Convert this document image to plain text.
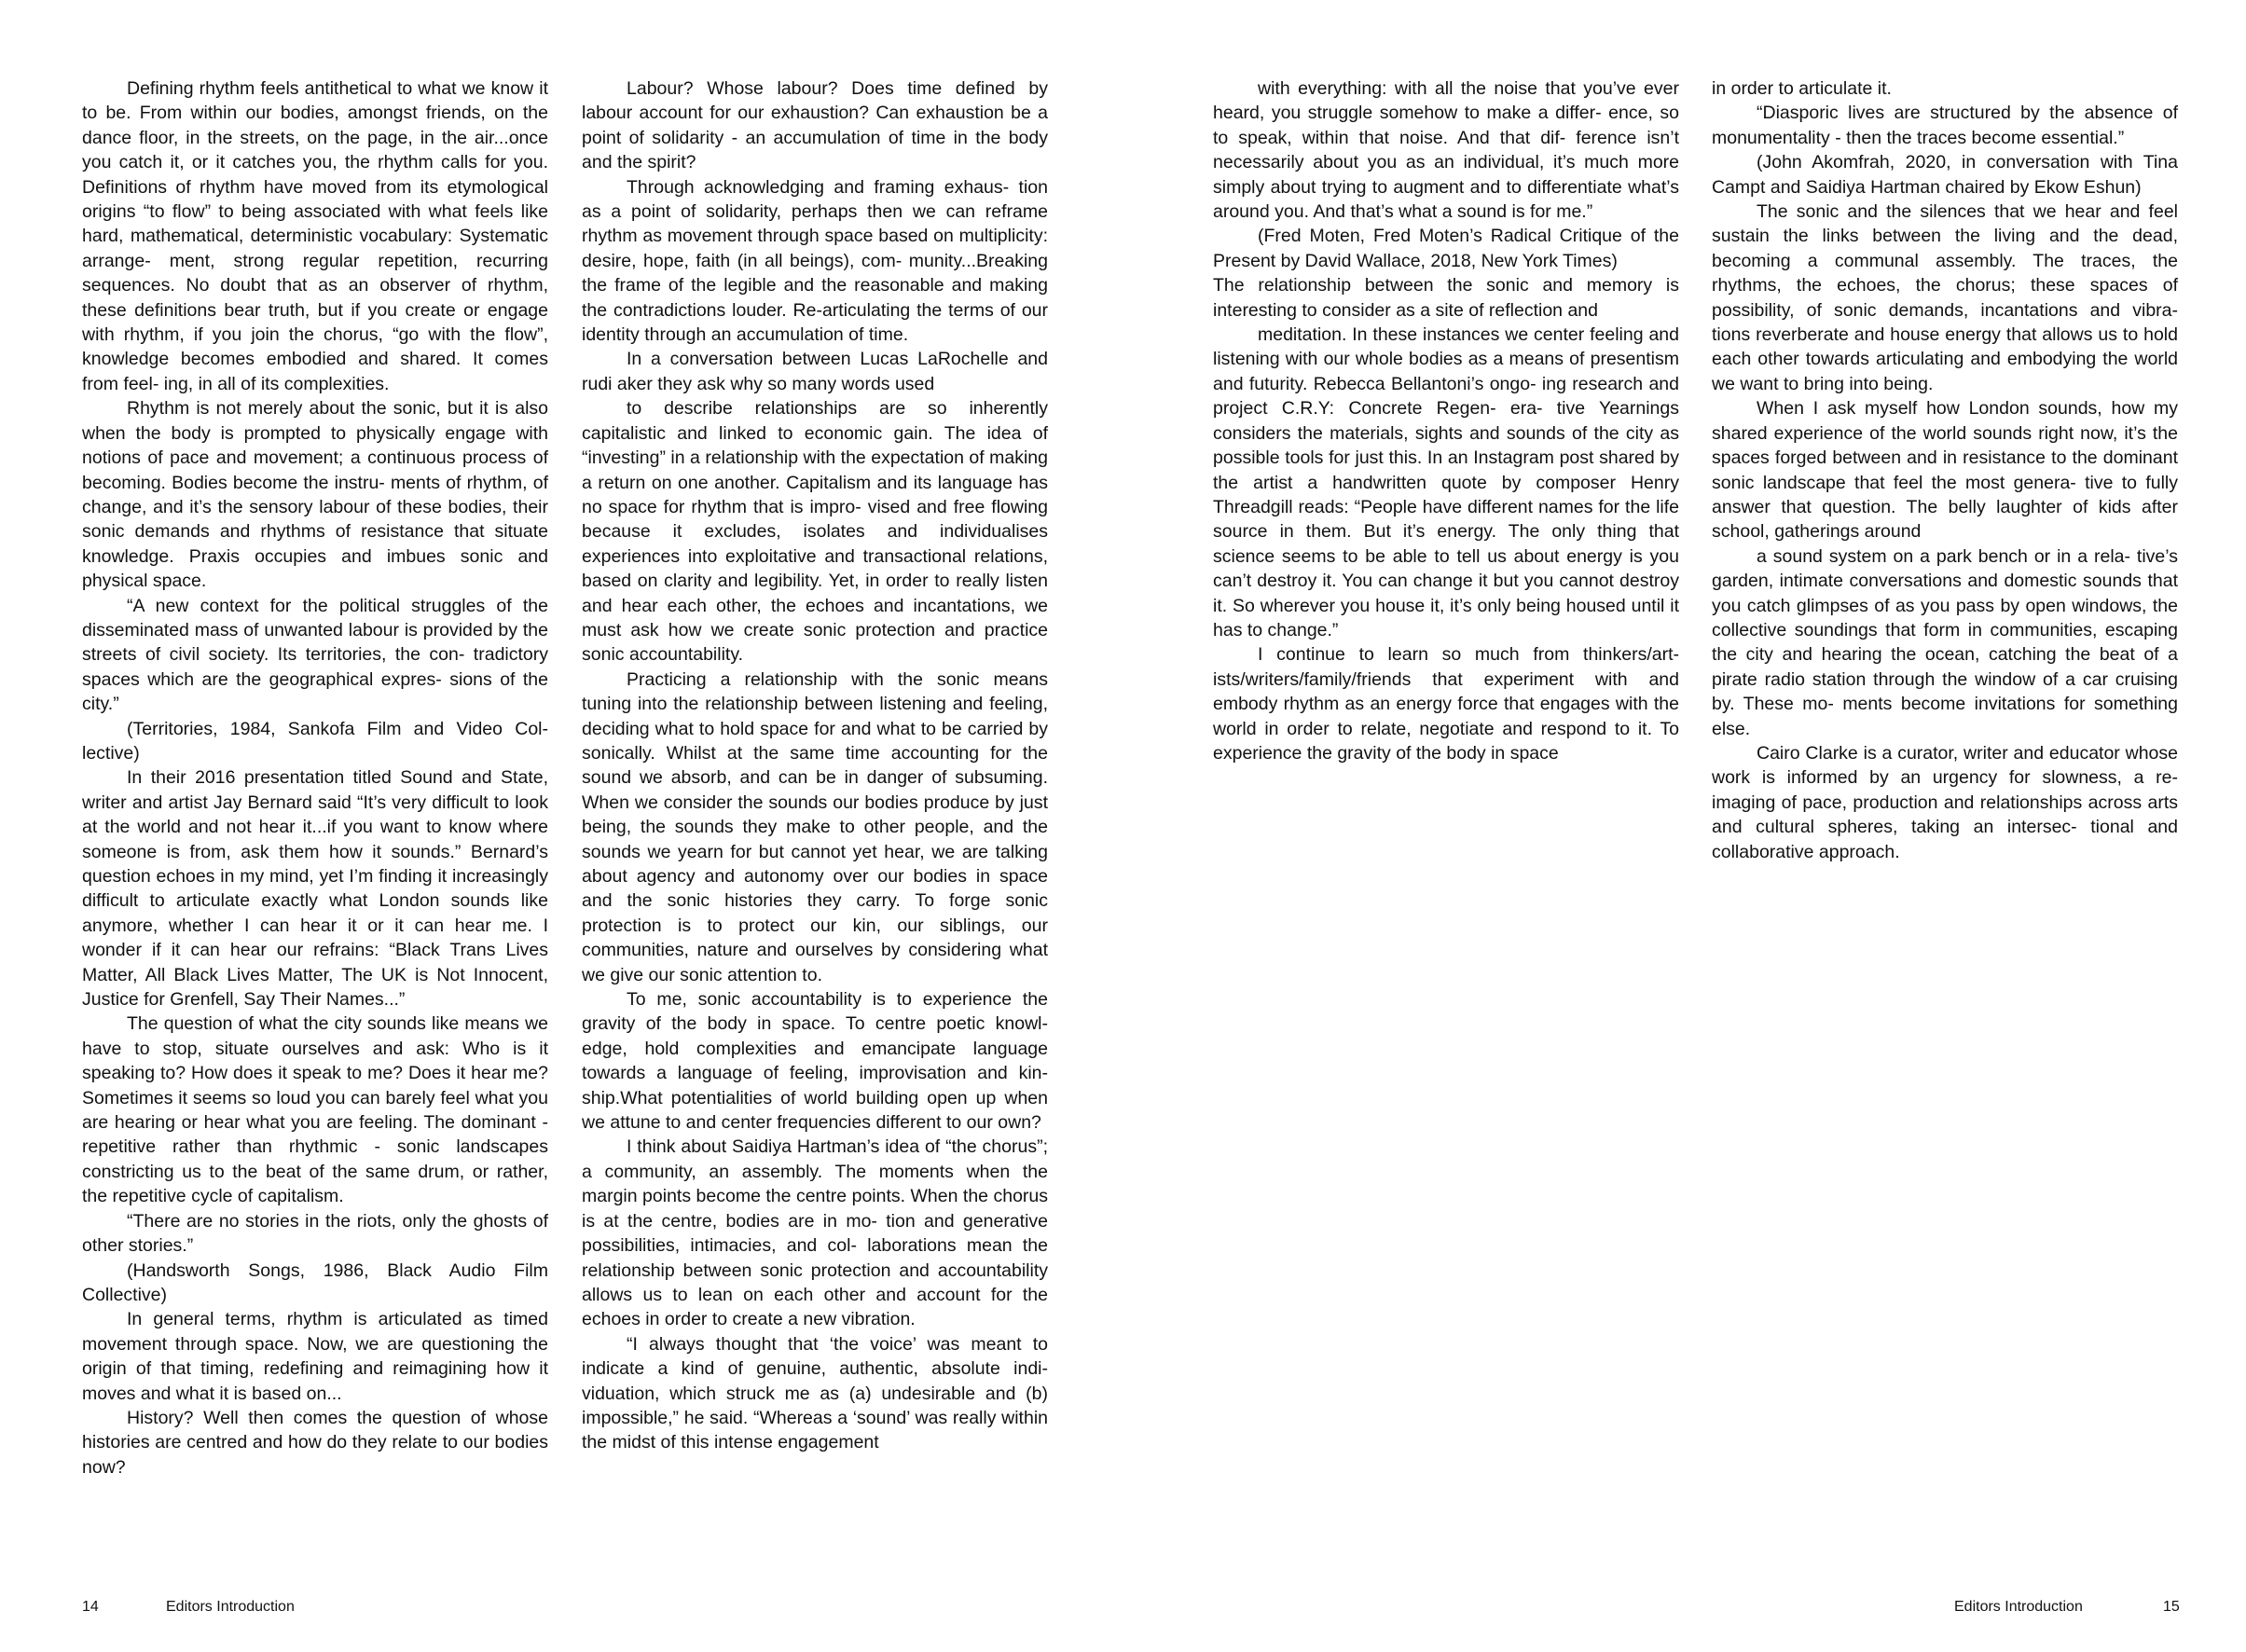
Defining rhythm feels antithetical to what we know it to be. From within our bodies, amongst friends, on the dance floor, in the streets, on the page, in the air...once you catch it, or it catches you, the rhythm calls for you. Definitions of rhythm have moved from its etymological origins “to flow” to being associated with what feels like hard, mathematical, deterministic vocabulary: Systematic arrange- ment, strong regular repetition, recurring sequences. No doubt that as an observer of rhythm, these definitions bear truth, but if you create or engage with rhythm, if you join the chorus, “go with the flow”, knowledge becomes embodied and shared. It comes from feel- ing, in all of its complexities.

Rhythm is not merely about the sonic, but it is also when the body is prompted to physically engage with notions of pace and movement; a continuous process of becoming. Bodies become the instru- ments of rhythm, of change, and it’s the sensory labour of these bodies, their sonic demands and rhythms of resistance that situate knowledge. Praxis occupies and imbues sonic and physical space.

“A new context for the political struggles of the disseminated mass of unwanted labour is provided by the streets of civil society. Its territories, the con- tradictory spaces which are the geographical expres- sions of the city.”

(Territories, 1984, Sankofa Film and Video Col- lective)

In their 2016 presentation titled Sound and State, writer and artist Jay Bernard said “It’s very difficult to look at the world and not hear it...if you want to know where someone is from, ask them how it sounds.” Bernard’s question echoes in my mind, yet I’m finding it increasingly difficult to articulate exactly what London sounds like anymore, whether I can hear it or it can hear me. I wonder if it can hear our refrains: “Black Trans Lives Matter, All Black Lives Matter, The UK is Not Innocent, Justice for Grenfell, Say Their Names...”

The question of what the city sounds like means we have to stop, situate ourselves and ask: Who is it speaking to? How does it speak to me? Does it hear me? Sometimes it seems so loud you can barely feel what you are hearing or hear what you are feeling. The dominant - repetitive rather than rhythmic - sonic landscapes constricting us to the beat of the same drum, or rather, the repetitive cycle of capitalism.

“There are no stories in the riots, only the ghosts of other stories.”

(Handsworth Songs, 1986, Black Audio Film Collective)

In general terms, rhythm is articulated as timed movement through space. Now, we are questioning the origin of that timing, redefining and reimagining how it moves and what it is based on...

History? Well then comes the question of whose histories are centred and how do they relate to our bodies now?

Labour? Whose labour? Does time defined by labour account for our exhaustion? Can exhaustion be a point of solidarity - an accumulation of time in the body and the spirit?

Through acknowledging and framing exhaus- tion as a point of solidarity, perhaps then we can reframe rhythm as movement through space based on multiplicity: desire, hope, faith (in all beings), com- munity...Breaking the frame of the legible and the reasonable and making the contradictions louder. Re-articulating the terms of our identity through an accumulation of time.

In a conversation between Lucas LaRochelle and rudi aker they ask why so many words used

to describe relationships are so inherently capitalistic and linked to economic gain. The idea of “investing” in a relationship with the expectation of making a return on one another. Capitalism and its language has no space for rhythm that is impro- vised and free flowing because it excludes, isolates and individualises experiences into exploitative and transactional relations, based on clarity and legibility. Yet, in order to really listen and hear each other, the echoes and incantations, we must ask how we create sonic protection and practice sonic accountability.

Practicing a relationship with the sonic means tuning into the relationship between listening and feeling, deciding what to hold space for and what to be carried by sonically. Whilst at the same time accounting for the sound we absorb, and can be in danger of subsuming. When we consider the sounds our bodies produce by just being, the sounds they make to other people, and the sounds we yearn for but cannot yet hear, we are talking about agency and autonomy over our bodies in space and the sonic histories they carry. To forge sonic protection is to protect our kin, our siblings, our communities, nature and ourselves by considering what we give our sonic attention to.

To me, sonic accountability is to experience the gravity of the body in space. To centre poetic knowl- edge, hold complexities and emancipate language towards a language of feeling, improvisation and kin- ship.What potentialities of world building open up when we attune to and center frequencies different to our own?

I think about Saidiya Hartman’s idea of “the chorus”; a community, an assembly. The moments when the margin points become the centre points. When the chorus is at the centre, bodies are in mo- tion and generative possibilities, intimacies, and col- laborations mean the relationship between sonic protection and accountability allows us to lean on each other and account for the echoes in order to create a new vibration.

“I always thought that ‘the voice’ was meant to indicate a kind of genuine, authentic, absolute indi- viduation, which struck me as (a) undesirable and (b) impossible,” he said. “Whereas a ‘sound’ was really within the midst of this intense engagement

with everything: with all the noise that you’ve ever heard, you struggle somehow to make a differ- ence, so to speak, within that noise. And that dif- ference isn’t necessarily about you as an individual, it’s much more simply about trying to augment and to differentiate what’s around you. And that’s what a sound is for me.”

(Fred Moten, Fred Moten’s Radical Critique of the Present by David Wallace, 2018, New York Times)

The relationship between the sonic and memory is interesting to consider as a site of reflection and

meditation. In these instances we center feeling and listening with our whole bodies as a means of presentism and futurity. Rebecca Bellantoni’s ongo- ing research and project C.R.Y: Concrete Regen- era- tive Yearnings considers the materials, sights and sounds of the city as possible tools for just this. In an Instagram post shared by the artist a handwritten quote by composer Henry Threadgill reads: “People have different names for the life source in them. But it’s energy. The only thing that science seems to be able to tell us about energy is you can’t destroy it. You can change it but you cannot destroy it. So wherever you house it, it’s only being housed until it has to change.”

I continue to learn so much from thinkers/art- ists/writers/family/friends that experiment with and embody rhythm as an energy force that engages with the world in order to relate, negotiate and respond to it. To experience the gravity of the body in space

in order to articulate it.

“Diasporic lives are structured by the absence of monumentality - then the traces become essential.”

(John Akomfrah, 2020, in conversation with Tina Campt and Saidiya Hartman chaired by Ekow Eshun)

The sonic and the silences that we hear and feel sustain the links between the living and the dead, becoming a communal assembly. The traces, the rhythms, the echoes, the chorus; these spaces of possibility, of sonic demands, incantations and vibra- tions reverberate and house energy that allows us to hold each other towards articulating and embodying the world we want to bring into being.

When I ask myself how London sounds, how my shared experience of the world sounds right now, it’s the spaces forged between and in resistance to the dominant sonic landscape that feel the most genera- tive to fully answer that question. The belly laughter of kids after school, gatherings around

a sound system on a park bench or in a rela- tive’s garden, intimate conversations and domestic sounds that you catch glimpses of as you pass by open windows, the collective soundings that form in communities, escaping the city and hearing the ocean, catching the beat of a pirate radio station through the window of a car cruising by. These mo- ments become invitations for something else.

Cairo Clarke is a curator, writer and educator whose work is informed by an urgency for slowness, a re-imaging of pace, production and relationships across arts and cultural spheres, taking an intersec- tional and collaborative approach.

14	Editors Introduction	Editors Introduction	15
